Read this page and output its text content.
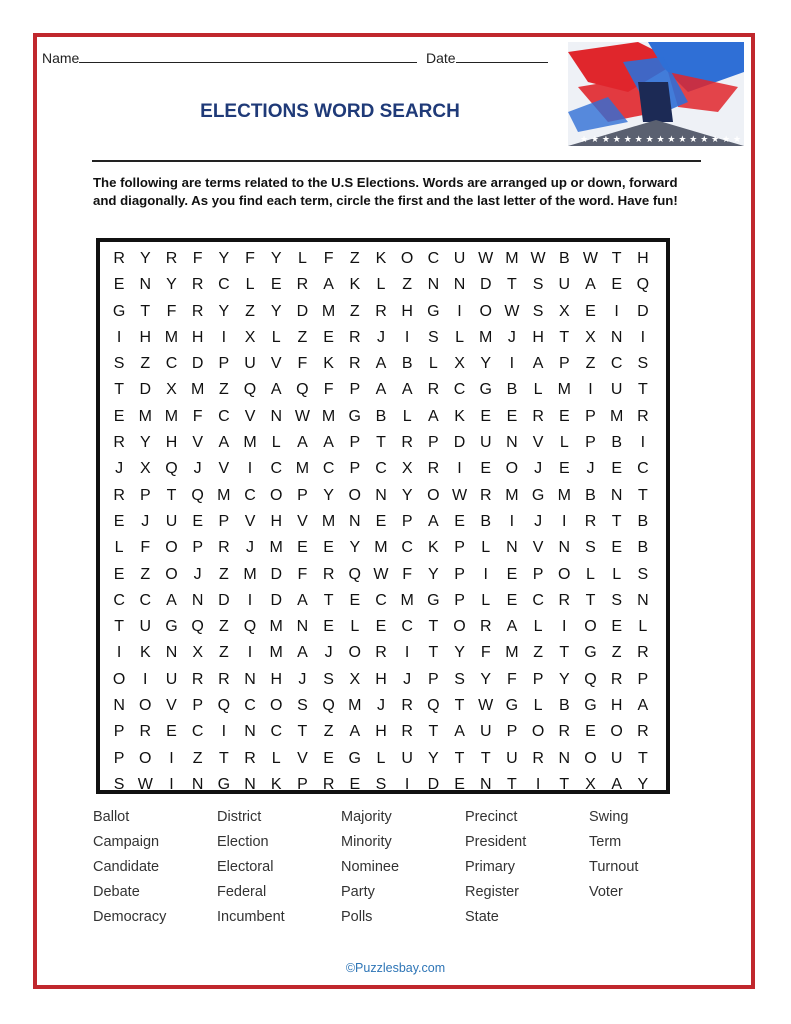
Name	Date
ELECTIONS WORD SEARCH
★ ★ ★ ★ ★ ★ ★ ★ ★ ★ ★ ★ ★ ★ ★
The following are terms related to the U.S Elections. Words are arranged up or down, forward and diagonally. As you find each term, circle the first and the last letter of the word. Have fun!
R Y R F Y F Y	L	F	Z K O C U W M W B W T H
E N Y R C L	E R A K	L	Z N N D T S U A E Q
G T	F R Y Z Y D M Z R H G	I	O W S X E	I	D
I	H M H	I	X	L	Z E R	J	I	S	L M J	H T X N	I
S Z C D P U V F K R A B	L	X Y	I	A P Z C S
T D X M Z Q A Q F P A A R C G B	L M	I	U T
E M M F C V N W M G B	L	A K E E R E P M R
R Y H V A M L	A A P T R P D U N V	L	P B	I
J	X Q J	V	I	C M C P C X R	I	E O J	E	J	E C
R P T Q M C O P Y O N Y O W R M G M B N T
E	J	U E P V H V M N E P A E B	I	J	I	R T B
L	F O P R	J M E E Y M C K P	L N V N S E B
E Z O J	Z M D F R Q W F Y P	I	E P O L	L	S
C C A N D	I	D A T E C M G P	L	E C R T S N
T U G Q Z Q M N E	L	E C T O R A	L	I	O E	L
I	K N X Z	I	M A	J O R	I	T Y F M Z	T G Z R
O	I	U R R N H	J	S X H	J	P S Y F P Y Q R P
N O V P Q C O S Q M J	R Q T W G L	B G H A
P R E C	I	N C T	Z A H R T A U P O R E O R
P O	I	Z	T R L	V E G L U Y T	T U R N O U T
S W	I	N G N K P R E S	I	D E N T	I	T X A Y
Ballot
Campaign
Candidate
Debate
Democracy
District
Election
Electoral
Federal
Incumbent
Majority
Minority
Nominee
Party
Polls
Precinct
President
Primary
Register
State
Swing
Term
Turnout
Voter
©Puzzlesbay.com
